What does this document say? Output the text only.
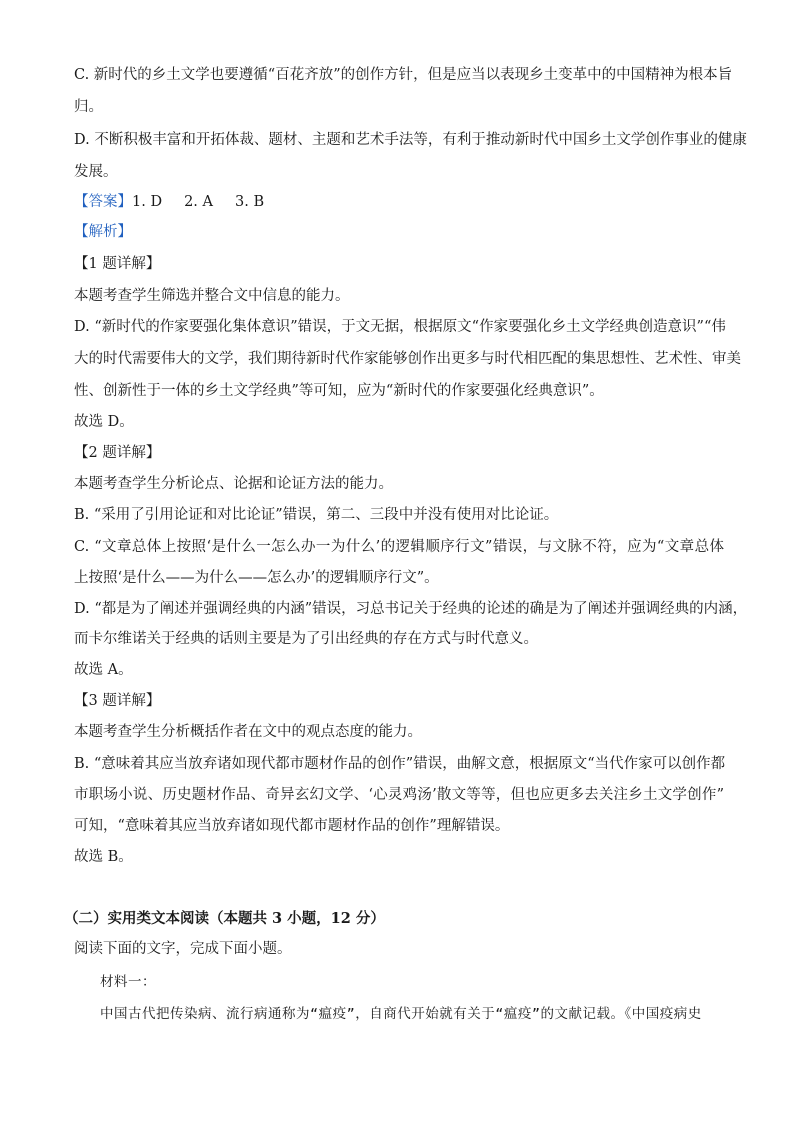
C. 新时代的乡土文学也要遵循“百花齐放”的创作方针，但是应当以表现乡土变革中的中国精神为根本旨
归。
D. 不断积极丰富和开拓体裁、题材、主题和艺术手法等，有利于推动新时代中国乡土文学创作事业的健康
发展。
【答案】1. D 2. A 3. B
【解析】
【1 题详解】
本题考查学生筛选并整合文中信息的能力。
D. “新时代的作家要强化集体意识”错误，于文无据，根据原文“作家要强化乡土文学经典创造意识”“伟
大的时代需要伟大的文学，我们期待新时代作家能够创作出更多与时代相匹配的集思想性、艺术性、审美
性、创新性于一体的乡土文学经典”等可知，应为“新时代的作家要强化经典意识”。
故选 D。
【2 题详解】
本题考查学生分析论点、论据和论证方法的能力。
B. “采用了引用论证和对比论证”错误，第二、三段中并没有使用对比论证。
C. “文章总体上按照‘是什么一怎么办一为什么’的逻辑顺序行文”错误，与文脉不符，应为“文章总体
上按照‘是什么——为什么——怎么办’的逻辑顺序行文”。
D. “都是为了阐述并强调经典的内涵”错误，习总书记关于经典的论述的确是为了阐述并强调经典的内涵，
而卡尔维诺关于经典的话则主要是为了引出经典的存在方式与时代意义。
故选 A。
【3 题详解】
本题考查学生分析概括作者在文中的观点态度的能力。
B. “意味着其应当放弃诸如现代都市题材作品的创作”错误，曲解文意，根据原文“当代作家可以创作都
市职场小说、历史题材作品、奇异玄幻文学、‘心灵鸡汤’散文等等，但也应更多去关注乡土文学创作”
可知，“意味着其应当放弃诸如现代都市题材作品的创作”理解错误。
故选 B。
（二）实用类文本阅读（本题共 3 小题，12 分）
阅读下面的文字，完成下面小题。
材料一：
中国古代把传染病、流行病通称为“瘟疫”，自商代开始就有关于“瘟疫”的文献记载。《中国疫病史
